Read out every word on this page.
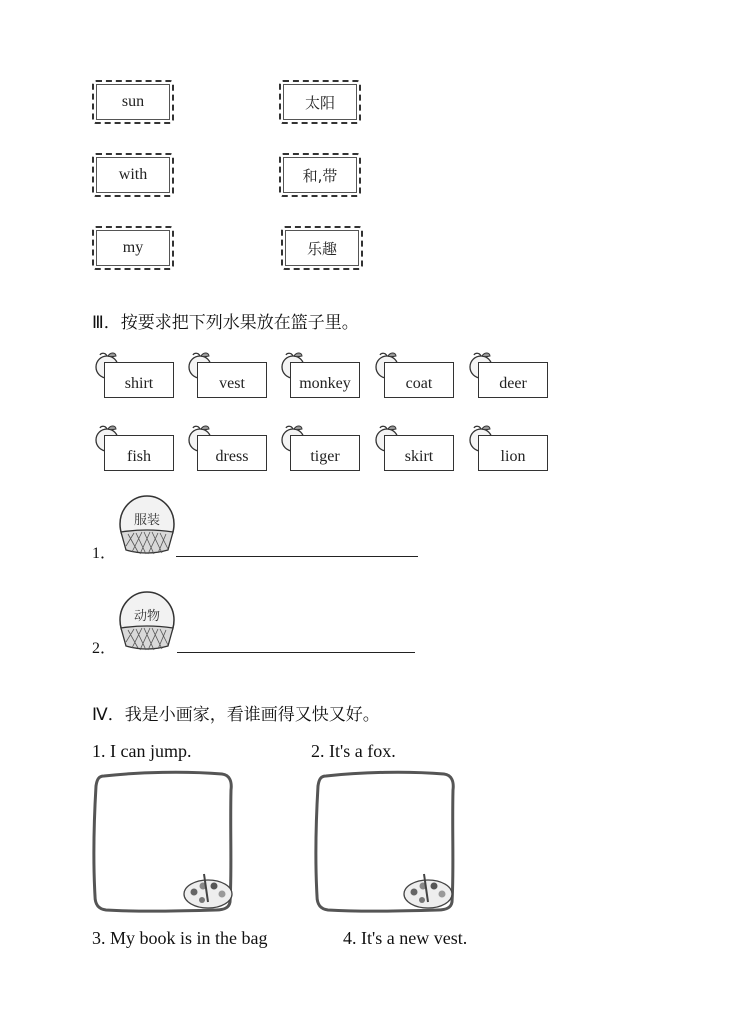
sun	太阳
with	和,带
my	乐趣
Ⅲ．按要求把下列水果放在篮子里。
shirt	vest	monkey	coat	deer
fish	dress	tiger	skirt	lion
1．
服装
2．
动物
Ⅳ．我是小画家，看谁画得又快又好。
1. I can jump.	2. It's a fox.
3. My book is in the bag	4. It's a new vest.
